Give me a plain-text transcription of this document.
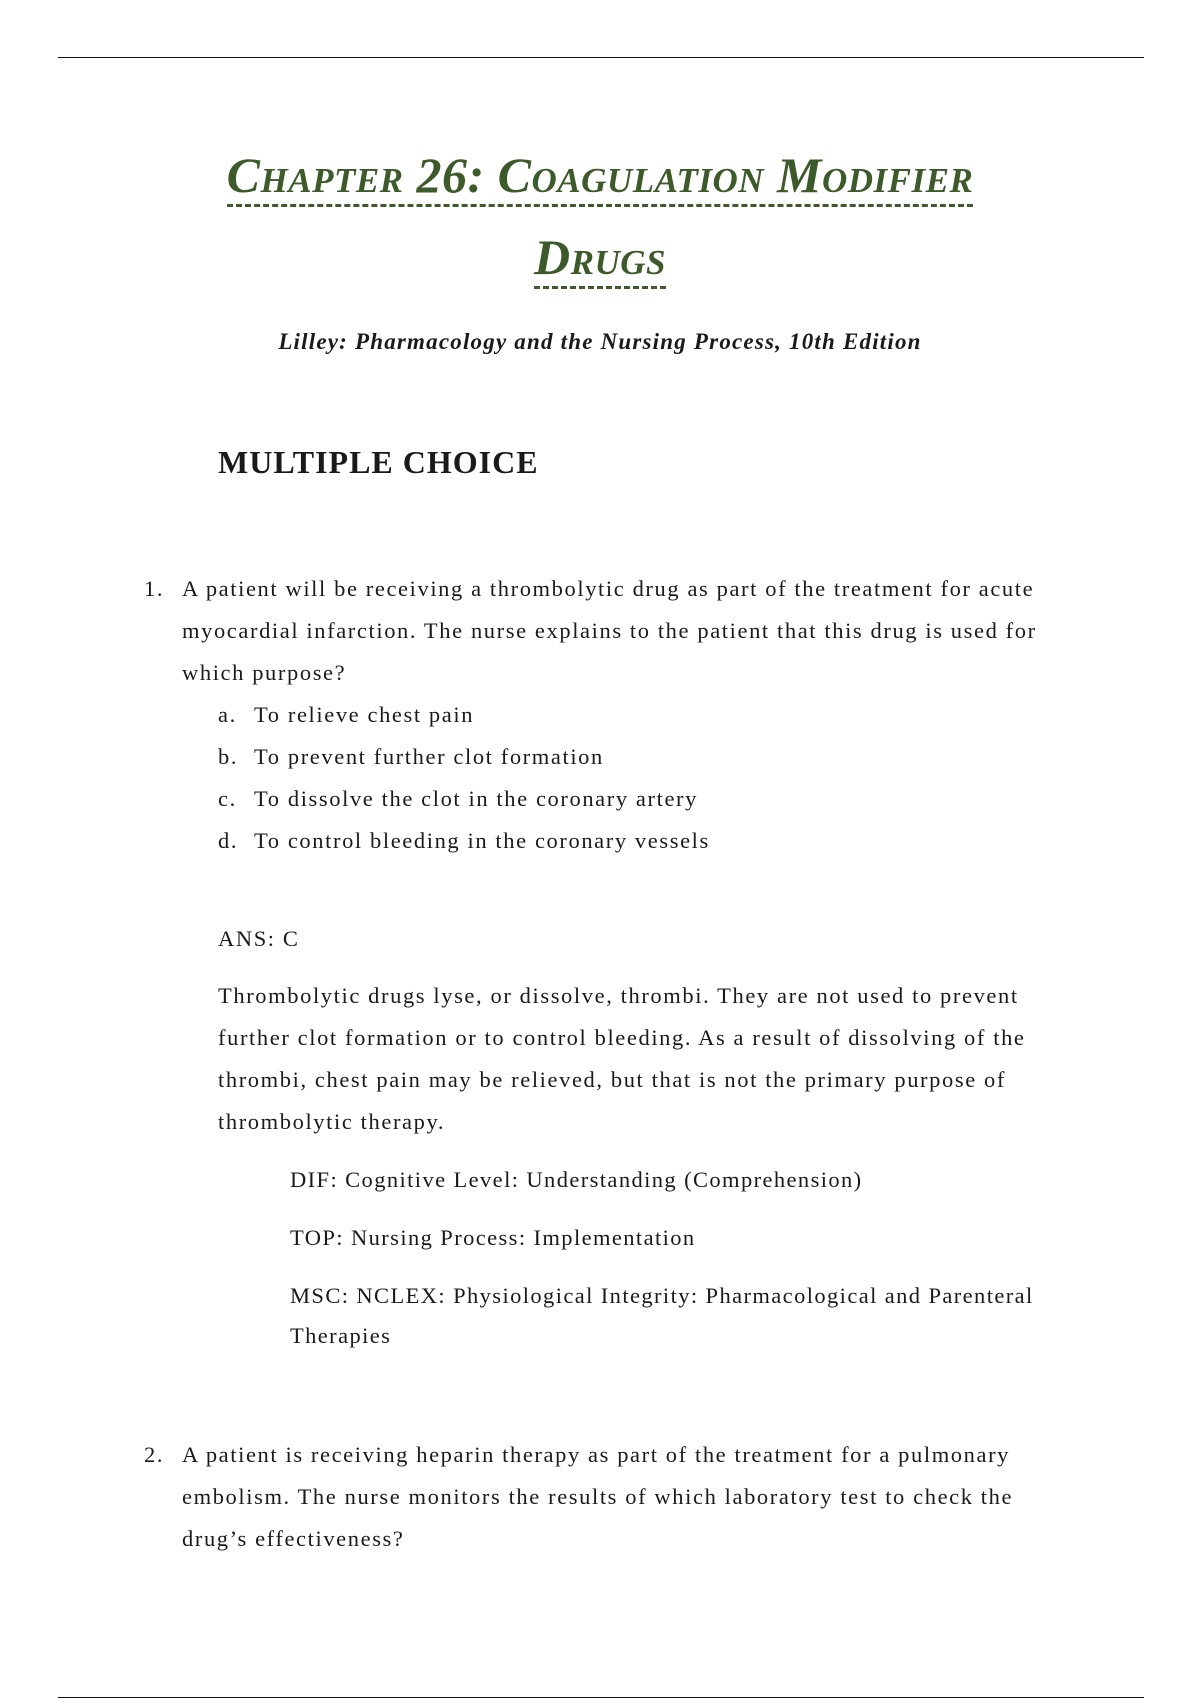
Chapter 26: Coagulation Modifier
Drugs
Lilley: Pharmacology and the Nursing Process, 10th Edition
MULTIPLE CHOICE
1. A patient will be receiving a thrombolytic drug as part of the treatment for acute myocardial infarction. The nurse explains to the patient that this drug is used for which purpose?
a. To relieve chest pain
b. To prevent further clot formation
c. To dissolve the clot in the coronary artery
d. To control bleeding in the coronary vessels
ANS: C
Thrombolytic drugs lyse, or dissolve, thrombi. They are not used to prevent further clot formation or to control bleeding. As a result of dissolving of the thrombi, chest pain may be relieved, but that is not the primary purpose of thrombolytic therapy.
DIF: Cognitive Level: Understanding (Comprehension)
TOP: Nursing Process: Implementation
MSC: NCLEX: Physiological Integrity: Pharmacological and Parenteral Therapies
2. A patient is receiving heparin therapy as part of the treatment for a pulmonary embolism. The nurse monitors the results of which laboratory test to check the drug’s effectiveness?
